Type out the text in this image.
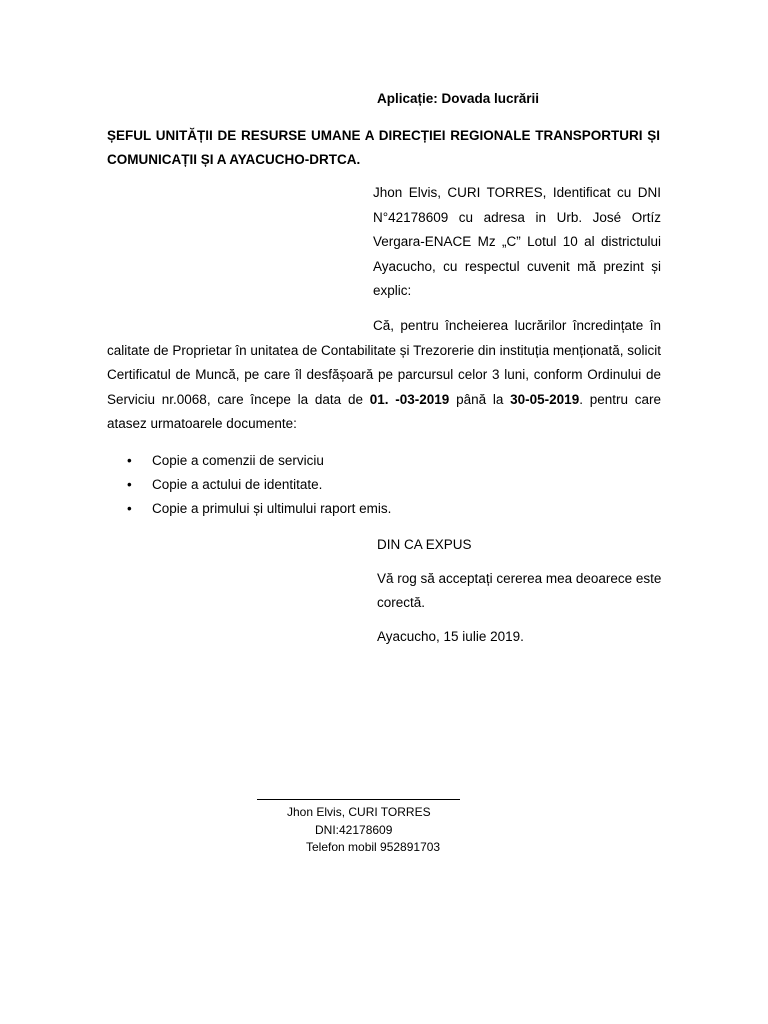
Aplicație: Dovada lucrării
ȘEFUL UNITĂȚII DE RESURSE UMANE A DIRECȚIEI REGIONALE TRANSPORTURI ȘI COMUNICAȚII ȘI A AYACUCHO-DRTCA.
Jhon Elvis, CURI TORRES, Identificat cu DNI N°42178609 cu adresa in Urb. José Ortíz Vergara-ENACE Mz „C” Lotul 10 al districtului Ayacucho, cu respectul cuvenit mă prezint și explic:
Că, pentru încheierea lucrărilor încredințate în calitate de Proprietar în unitatea de Contabilitate și Trezorerie din instituția menționată, solicit Certificatul de Muncă, pe care îl desfășoară pe parcursul celor 3 luni, conform Ordinului de Serviciu nr.0068, care începe la data de 01. -03-2019 până la 30-05-2019. pentru care atasez urmatoarele documente:
• Copie a comenzii de serviciu
• Copie a actului de identitate.
• Copie a primului și ultimului raport emis.
DIN CA EXPUS
Vă rog să acceptați cererea mea deoarece este corectă.
Ayacucho, 15 iulie 2019.
Jhon Elvis, CURI TORRES
DNI:42178609
Telefon mobil 952891703
